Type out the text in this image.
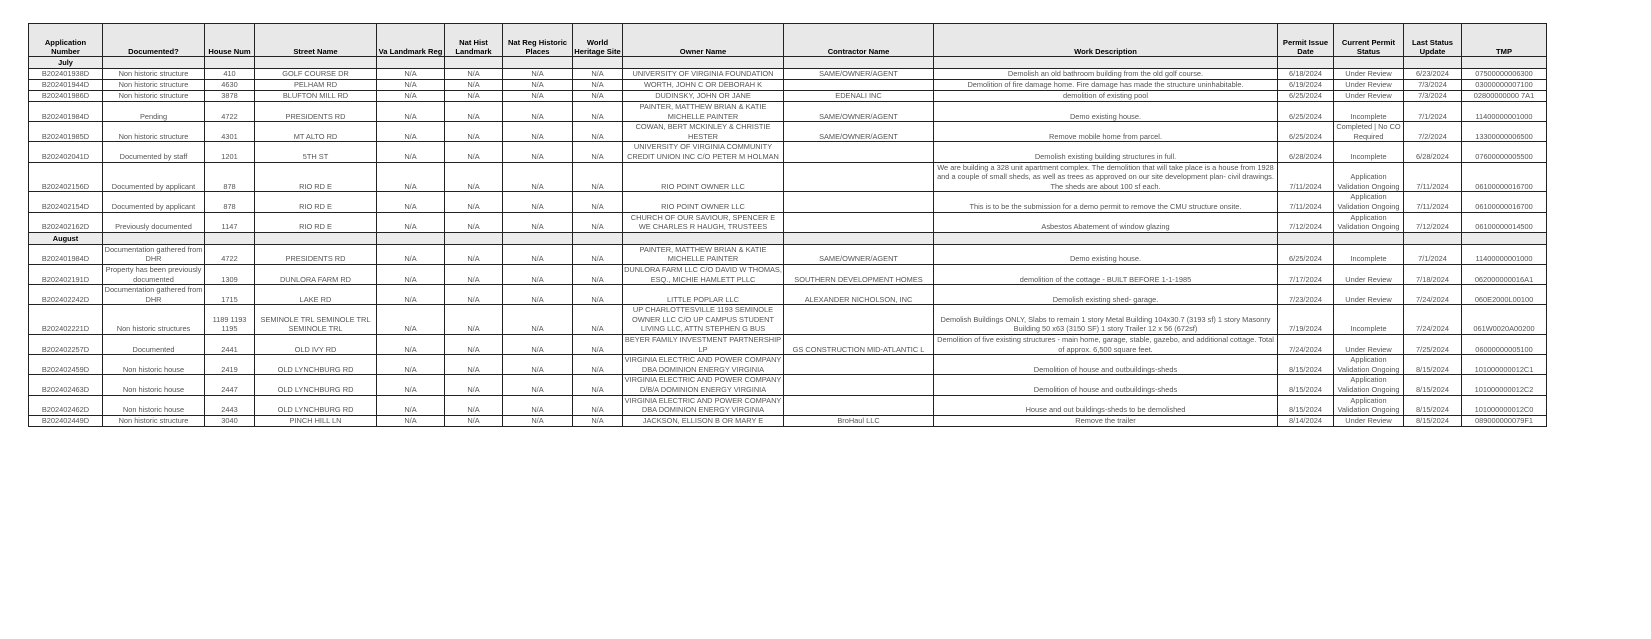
Application Number	Documented?	House Num	Street Name	Va Landmark Reg	Nat Hist Landmark	Nat Reg Historic Places	World Heritage Site	Owner Name	Contractor Name	Work Description	Permit Issue Date	Current Permit Status	Last Status Update	TMP
July														
B202401938D	Non historic structure	410	GOLF COURSE DR	N/A	N/A	N/A	N/A	UNIVERSITY OF VIRGINIA FOUNDATION	SAME/OWNER/AGENT	Demolish an old bathroom building from the old golf course.	6/18/2024	Under Review	6/23/2024	07500000006300
B202401944D	Non historic structure	4630	PELHAM RD	N/A	N/A	N/A	N/A	WORTH, JOHN C OR DEBORAH K		Demolition of fire damage home. Fire damage has made the structure uninhabitable.	6/19/2024	Under Review	7/3/2024	03000000007100
B202401986D	Non historic structure	3878	BLUFTON MILL RD	N/A	N/A	N/A	N/A	DUDINSKY, JOHN OR JANE	EDENALI INC	demolition of existing pool	6/25/2024	Under Review	7/3/2024	02800000000 7A1
B202401984D	Pending	4722	PRESIDENTS RD	N/A	N/A	N/A	N/A	PAINTER, MATTHEW BRIAN & KATIE MICHELLE PAINTER	SAME/OWNER/AGENT	Demo existing house.	6/25/2024	Incomplete	7/1/2024	11400000001000
B202401985D	Non historic structure	4301	MT ALTO RD	N/A	N/A	N/A	N/A	COWAN, BERT MCKINLEY & CHRISTIE HESTER	SAME/OWNER/AGENT	Remove mobile home from parcel.	6/25/2024	Completed | No CO Required	7/2/2024	13300000006500
B202402041D	Documented by staff	1201	5TH ST	N/A	N/A	N/A	N/A	UNIVERSITY OF VIRGINIA COMMUNITY CREDIT UNION INC C/O PETER M HOLMAN		Demolish existing building structures in full.	6/28/2024	Incomplete	6/28/2024	07600000005500
B202402156D	Documented by applicant	878	RIO RD E	N/A	N/A	N/A	N/A	RIO POINT OWNER LLC		We are building a 328 unit apartment complex. The demolition that will take place is a house from 1928 and a couple of small sheds, as well as trees as approved on our site development plan- civil drawings. The sheds are about 100 sf each.	7/11/2024	Application Validation Ongoing	7/11/2024	06100000016700
B202402154D	Documented by applicant	878	RIO RD E	N/A	N/A	N/A	N/A	RIO POINT OWNER LLC		This is to be the submission for a demo permit to remove the CMU structure onsite.	7/11/2024	Application Validation Ongoing	7/11/2024	06100000016700
B202402162D	Previously documented	1147	RIO RD E	N/A	N/A	N/A	N/A	CHURCH OF OUR SAVIOUR, SPENCER E WE CHARLES R HAUGH, TRUSTEES		Asbestos Abatement of window glazing	7/12/2024	Application Validation Ongoing	7/12/2024	06100000014500
August														
B202401984D	Documentation gathered from DHR	4722	PRESIDENTS RD	N/A	N/A	N/A	N/A	PAINTER, MATTHEW BRIAN & KATIE MICHELLE PAINTER	SAME/OWNER/AGENT	Demo existing house.	6/25/2024	Incomplete	7/1/2024	11400000001000
B202402191D	Property has been previously documented	1309	DUNLORA FARM RD	N/A	N/A	N/A	N/A	DUNLORA FARM LLC C/O DAVID W THOMAS, ESQ., MICHIE HAMLETT PLLC	SOUTHERN DEVELOPMENT HOMES	demolition of the cottage - BUILT BEFORE 1-1-1985	7/17/2024	Under Review	7/18/2024	062000000016A1
B202402242D	Documentation gathered from DHR	1715	LAKE RD	N/A	N/A	N/A	N/A	LITTLE POPLAR LLC	ALEXANDER NICHOLSON, INC	Demolish existing shed- garage.	7/23/2024	Under Review	7/24/2024	060E2000L00100
B202402221D	Non historic structures	1189 1193 1195	SEMINOLE TRL SEMINOLE TRL SEMINOLE TRL	N/A	N/A	N/A	N/A	UP CHARLOTTESVILLE 1193 SEMINOLE OWNER LLC C/O UP CAMPUS STUDENT LIVING LLC, ATTN STEPHEN G BUS		Demolish Buildings ONLY, Slabs to remain 1 story Metal Building 104x30.7 (3193 sf) 1 story Masonry Building 50 x63 (3150 SF) 1 story Trailer 12 x 56 (672sf)	7/19/2024	Incomplete	7/24/2024	061W0020A00200
B202402257D	Documented	2441	OLD IVY RD	N/A	N/A	N/A	N/A	BEYER FAMILY INVESTMENT PARTNERSHIP LP	GS CONSTRUCTION MID-ATLANTIC L	Demolition of five existing structures - main home, garage, stable, gazebo, and additional cottage. Total of approx. 6,500 square feet.	7/24/2024	Under Review	7/25/2024	06000000005100
B202402459D	Non historic house	2419	OLD LYNCHBURG RD	N/A	N/A	N/A	N/A	VIRGINIA ELECTRIC AND POWER COMPANY DBA DOMINION ENERGY VIRGINIA		Demolition of house and outbuildings-sheds	8/15/2024	Application Validation Ongoing	8/15/2024	101000000012C1
B202402463D	Non historic house	2447	OLD LYNCHBURG RD	N/A	N/A	N/A	N/A	VIRGINIA ELECTRIC AND POWER COMPANY D/B/A DOMINION ENERGY VIRGINIA		Demolition of house and outbuildings-sheds	8/15/2024	Application Validation Ongoing	8/15/2024	101000000012C2
B202402462D	Non historic house	2443	OLD LYNCHBURG RD	N/A	N/A	N/A	N/A	VIRGINIA ELECTRIC AND POWER COMPANY DBA DOMINION ENERGY VIRGINIA		House and out buildings-sheds to be demolished	8/15/2024	Application Validation Ongoing	8/15/2024	101000000012C0
B202402449D	Non historic structure	3040	PINCH HILL LN	N/A	N/A	N/A	N/A	JACKSON, ELLISON B OR MARY E	BroHaul LLC	Remove the trailer	8/14/2024	Under Review	8/15/2024	089000000079F1
